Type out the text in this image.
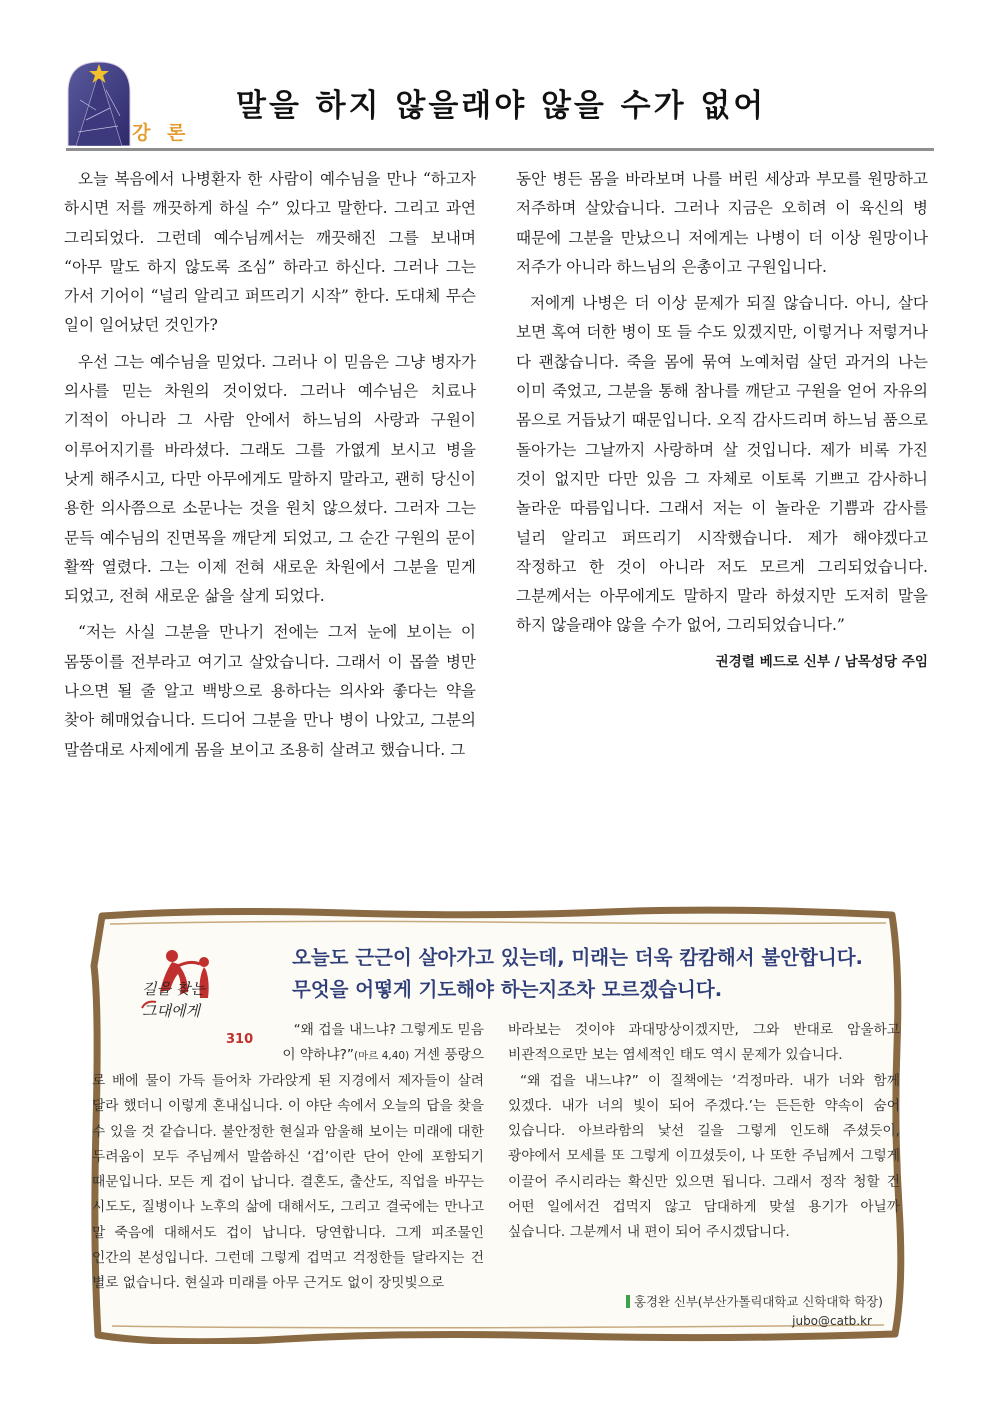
강 론
말을 하지 않을래야 않을 수가 없어

오늘 복음에서 나병환자 한 사람이 예수님을 만나 “하고자 하시면 저를 깨끗하게 하실 수” 있다고 말한다. 그리고 과연 그리되었다. 그런데 예수님께서는 깨끗해진 그를 보내며 “아무 말도 하지 않도록 조심” 하라고 하신다. 그러나 그는 가서 기어이 “널리 알리고 퍼뜨리기 시작” 한다. 도대체 무슨 일이 일어났던 것인가?

우선 그는 예수님을 믿었다. 그러나 이 믿음은 그냥 병자가 의사를 믿는 차원의 것이었다. 그러나 예수님은 치료나 기적이 아니라 그 사람 안에서 하느님의 사랑과 구원이 이루어지기를 바라셨다. 그래도 그를 가엾게 보시고 병을 낫게 해주시고, 다만 아무에게도 말하지 말라고, 괜히 당신이 용한 의사쯤으로 소문나는 것을 원치 않으셨다. 그러자 그는 문득 예수님의 진면목을 깨닫게 되었고, 그 순간 구원의 문이 활짝 열렸다. 그는 이제 전혀 새로운 차원에서 그분을 믿게 되었고, 전혀 새로운 삶을 살게 되었다.

“저는 사실 그분을 만나기 전에는 그저 눈에 보이는 이 몸뚱이를 전부라고 여기고 살았습니다. 그래서 이 몹쓸 병만 나으면 될 줄 알고 백방으로 용하다는 의사와 좋다는 약을 찾아 헤매었습니다. 드디어 그분을 만나 병이 나았고, 그분의 말씀대로 사제에게 몸을 보이고 조용히 살려고 했습니다. 그

동안 병든 몸을 바라보며 나를 버린 세상과 부모를 원망하고 저주하며 살았습니다. 그러나 지금은 오히려 이 육신의 병 때문에 그분을 만났으니 저에게는 나병이 더 이상 원망이나 저주가 아니라 하느님의 은총이고 구원입니다.

저에게 나병은 더 이상 문제가 되질 않습니다. 아니, 살다 보면 혹여 더한 병이 또 들 수도 있겠지만, 이렇거나 저렇거나 다 괜찮습니다. 죽을 몸에 묶여 노예처럼 살던 과거의 나는 이미 죽었고, 그분을 통해 참나를 깨닫고 구원을 얻어 자유의 몸으로 거듭났기 때문입니다. 오직 감사드리며 하느님 품으로 돌아가는 그날까지 사랑하며 살 것입니다. 제가 비록 가진 것이 없지만 다만 있음 그 자체로 이토록 기쁘고 감사하니 놀라운 따름입니다. 그래서 저는 이 놀라운 기쁨과 감사를 널리 알리고 퍼뜨리기 시작했습니다. 제가 해야겠다고 작정하고 한 것이 아니라 저도 모르게 그리되었습니다. 그분께서는 아무에게도 말하지 말라 하셨지만 도저히 말을 하지 않을래야 않을 수가 없어, 그리되었습니다.”

권경렬 베드로 신부 / 남목성당 주임

길을 찾는
그대에게
310
오늘도 근근이 살아가고 있는데, 미래는 더욱 캄캄해서 불안합니다.
무엇을 어떻게 기도해야 하는지조차 모르겠습니다.
“왜 겁을 내느냐? 그렇게도 믿음
이 약하냐?”(마르 4,40) 거센 풍랑으
로 배에 물이 가득 들어차 가라앉게 된 지경에서 제자들이 살려 달라 했더니 이렇게 혼내십니다. 이 야단 속에서 오늘의 답을 찾을 수 있을 것 같습니다. 불안정한 현실과 암울해 보이는 미래에 대한 두려움이 모두 주님께서 말씀하신 ‘겁’이란 단어 안에 포함되기 때문입니다. 모든 게 겁이 납니다. 결혼도, 출산도, 직업을 바꾸는 시도도, 질병이나 노후의 삶에 대해서도, 그리고 결국에는 만나고 말 죽음에 대해서도 겁이 납니다. 당연합니다. 그게 피조물인 인간의 본성입니다. 그런데 그렇게 겁먹고 걱정한들 달라지는 건 별로 없습니다. 현실과 미래를 아무 근거도 없이 장밋빛으로

바라보는 것이야 과대망상이겠지만, 그와 반대로 암울하고 비관적으로만 보는 염세적인 태도 역시 문제가 있습니다.

“왜 겁을 내느냐?” 이 질책에는 ‘걱정마라. 내가 너와 함께 있겠다. 내가 너의 빛이 되어 주겠다.’는 든든한 약속이 숨어 있습니다. 아브라함의 낯선 길을 그렇게 인도해 주셨듯이, 광야에서 모세를 또 그렇게 이끄셨듯이, 나 또한 주님께서 그렇게 이끌어 주시리라는 확신만 있으면 됩니다. 그래서 정작 청할 건 어떤 일에서건 겁먹지 않고 담대하게 맞설 용기가 아닐까 싶습니다. 그분께서 내 편이 되어 주시겠답니다.

홍경완 신부(부산가톨릭대학교 신학대학 학장)
jubo@catb.kr
